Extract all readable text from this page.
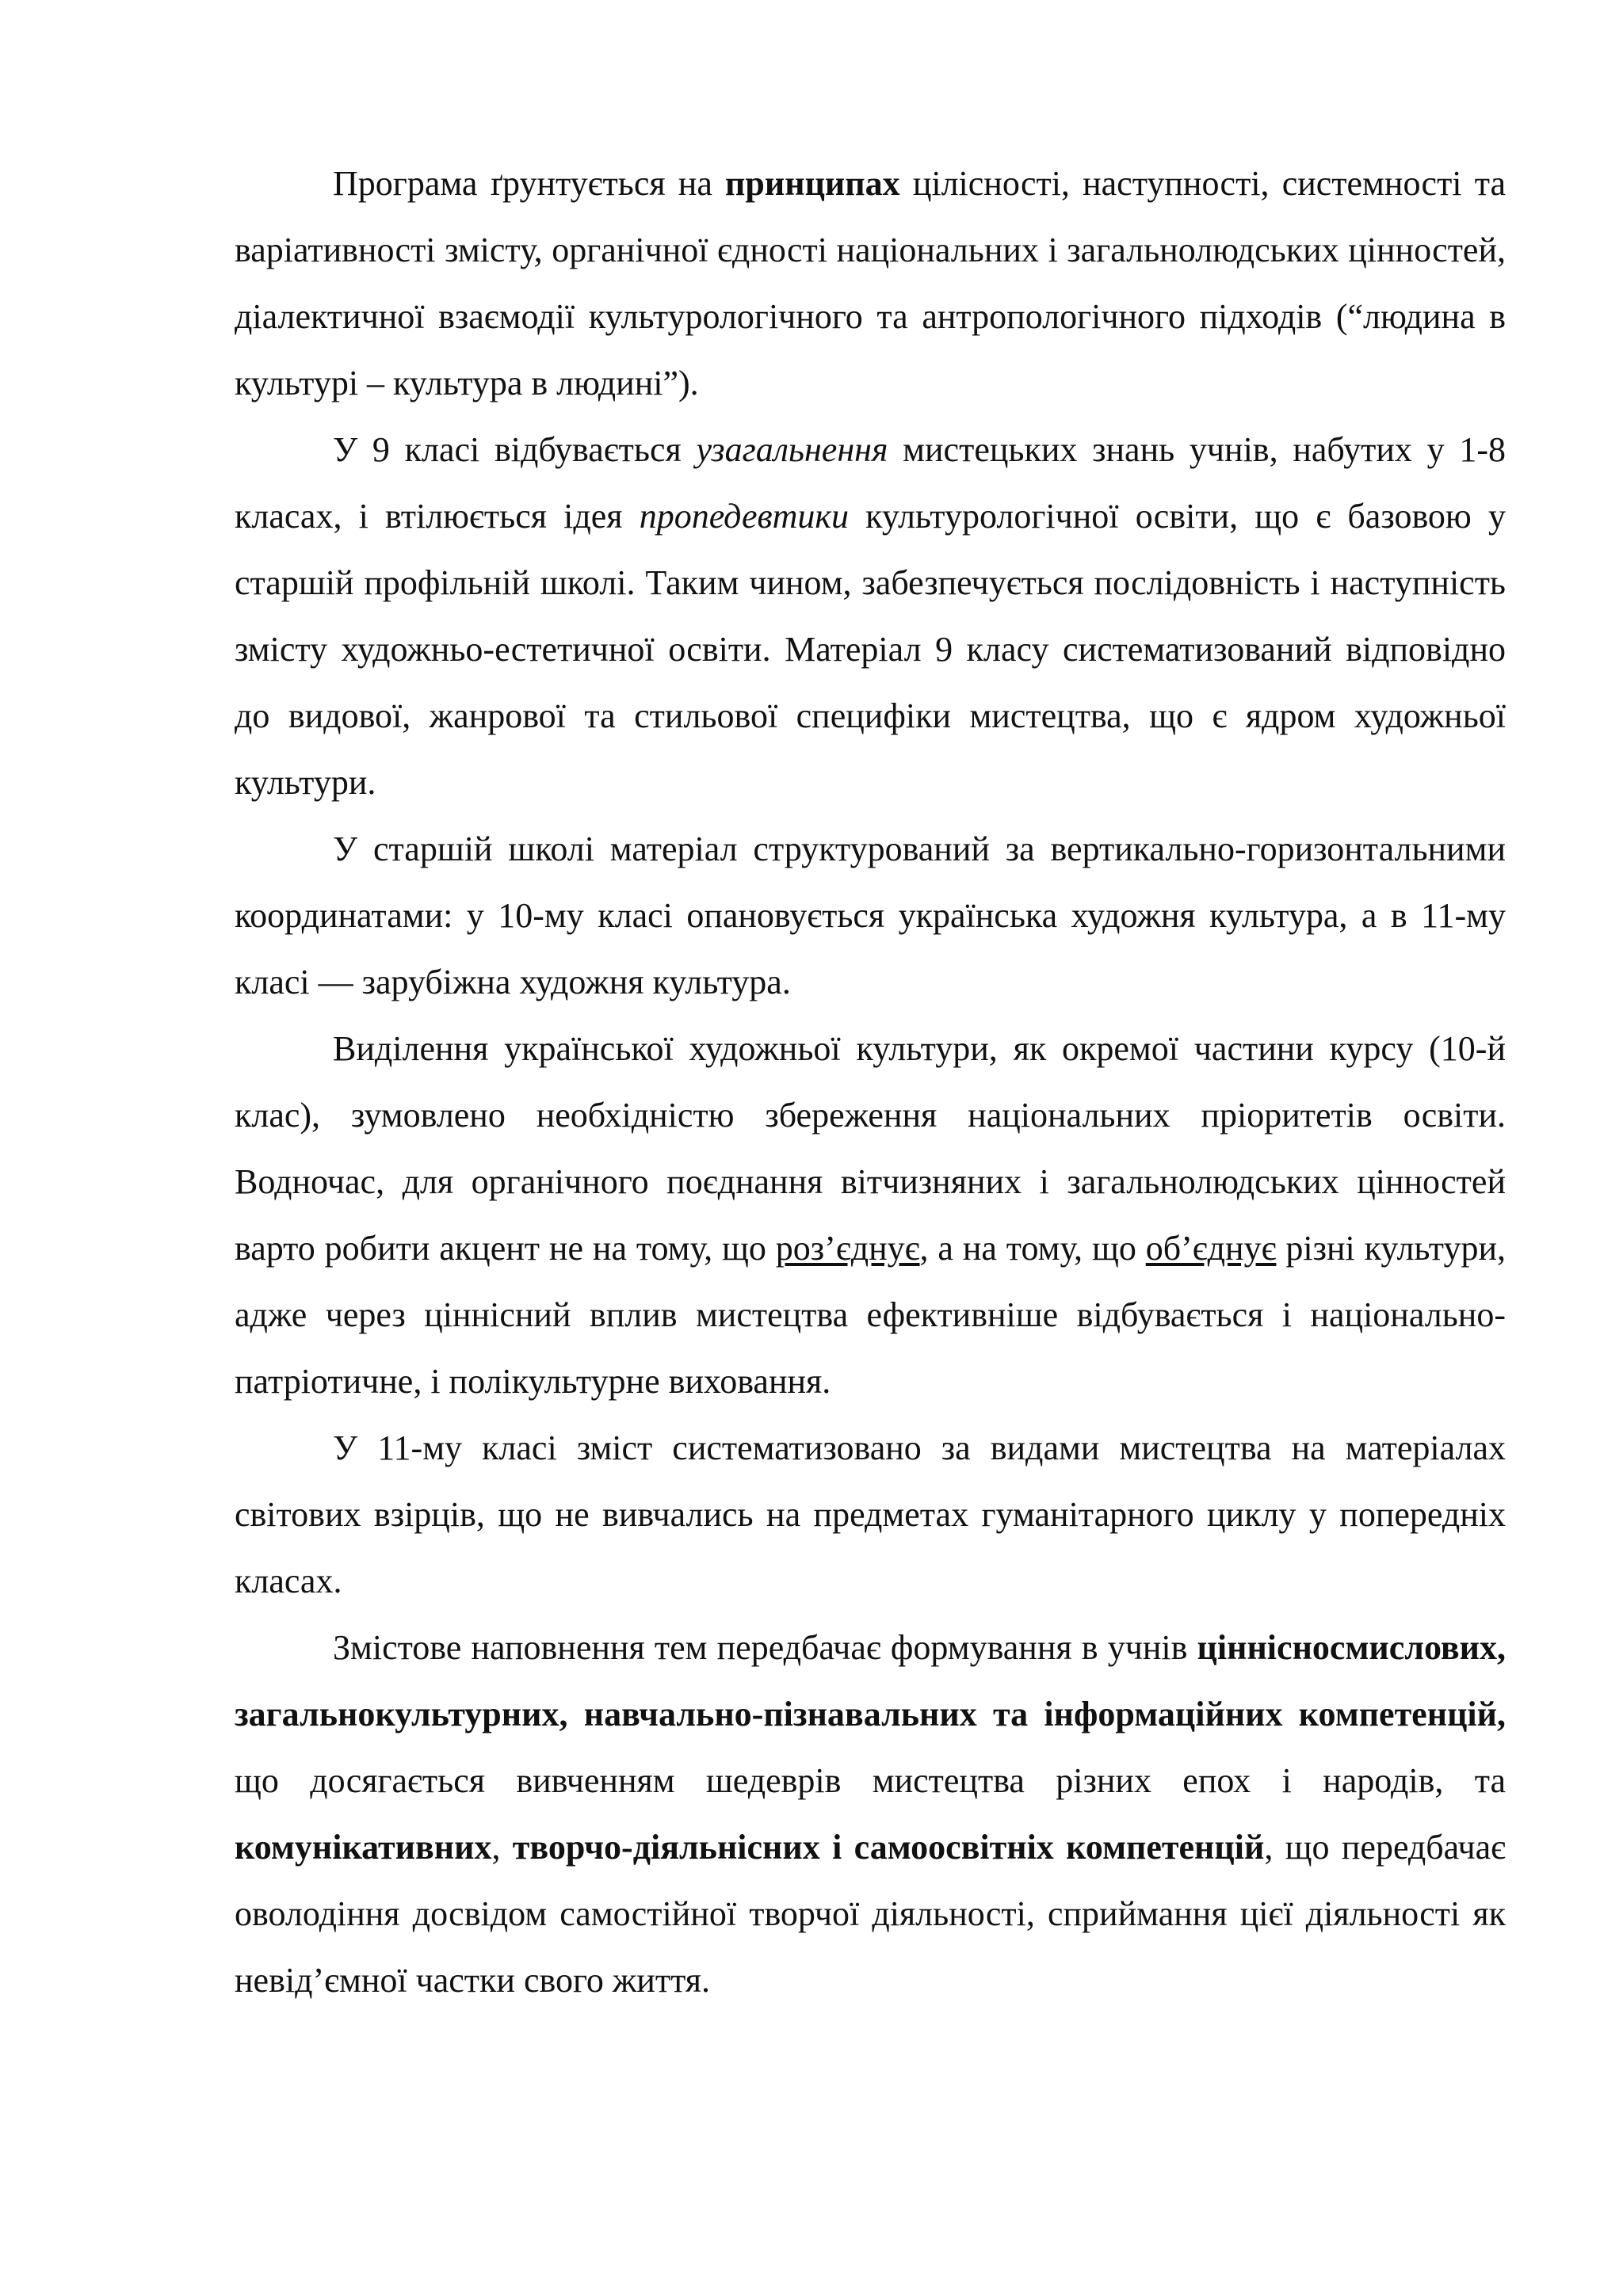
Програма ґрунтується на принципах цілісності, наступності, системності та варіативності змісту, органічної єдності національних і загальнолюдських цінностей, діалектичної взаємодії культурологічного та антропологічного підходів (“людина в культурі – культура в людині”).

У 9 класі відбувається узагальнення мистецьких знань учнів, набутих у 1-8 класах, і втілюється ідея пропедевтики культурологічної освіти, що є базовою у старшій профільній школі. Таким чином, забезпечується послідовність і наступність змісту художньо-естетичної освіти. Матеріал 9 класу систематизований відповідно до видової, жанрової та стильової специфіки мистецтва, що є ядром художньої культури.

У старшій школі матеріал структурований за вертикально-горизонтальними координатами: у 10-му класі опановується українська художня культура, а в 11-му класі — зарубіжна художня культура.

Виділення української художньої культури, як окремої частини курсу (10-й клас), зумовлено необхідністю збереження національних пріоритетів освіти. Водночас, для органічного поєднання вітчизняних і загальнолюдських цінностей варто робити акцент не на тому, що роз’єднує, а на тому, що об’єднує різні культури, адже через ціннісний вплив мистецтва ефективніше відбувається і національно-патріотичне, і полікультурне виховання.

У 11-му класі зміст систематизовано за видами мистецтва на матеріалах світових взірців, що не вивчались на предметах гуманітарного циклу у попередніх класах.

Змістове наповнення тем передбачає формування в учнів ціннісносмислових, загальнокультурних, навчально-пізнавальних та інформаційних компетенцій, що досягається вивченням шедеврів мистецтва різних епох і народів, та комунікативних, творчо-діяльнісних і самоосвітніх компетенцій, що передбачає оволодіння досвідом самостійної творчої діяльності, сприймання цієї діяльності як невід’ємної частки свого життя.
